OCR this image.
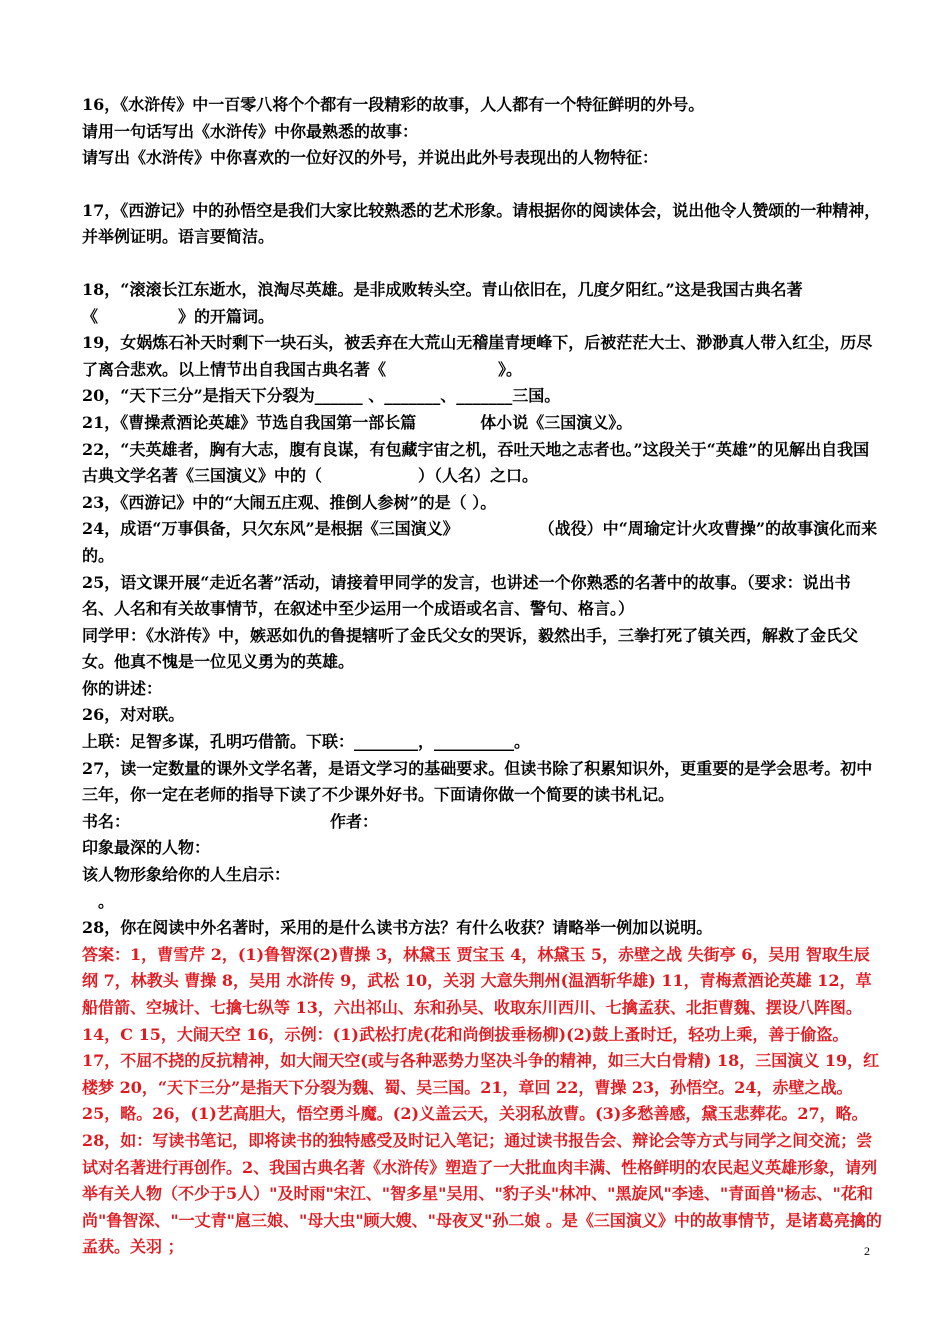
16，《水浒传》中一百零八将个个都有一段精彩的故事，人人都有一个特征鲜明的外号。

请用一句话写出《水浒传》中你最熟悉的故事：

请写出《水浒传》中你喜欢的一位好汉的外号，并说出此外号表现出的人物特征：

17，《西游记》中的孙悟空是我们大家比较熟悉的艺术形象。请根据你的阅读体会，说出他令人赞颂的一种精神，并举例证明。语言要简洁。

18，“滚滚长江东逝水，浪淘尽英雄。是非成败转头空。青山依旧在，几度夕阳红。”这是我国古典名著《　　　　　》的开篇词。

19，女娲炼石补天时剩下一块石头，被丢弃在大荒山无稽崖青埂峰下，后被茫茫大士、渺渺真人带入红尘，历尽了离合悲欢。以上情节出自我国古典名著《　　　　　　　》。

20，“天下三分”是指天下分裂为______ 、_______、_______三国。

21，《曹操煮酒论英雄》节选自我国第一部长篇　　　　体小说《三国演义》。

22，“夫英雄者，胸有大志，腹有良谋，有包藏宇宙之机，吞吐天地之志者也。”这段关于“英雄”的见解出自我国古典文学名著《三国演义》中的（　　　　　　）（人名）之口。

23，《西游记》中的“大闹五庄观、推倒人参树”的是（ ）。

24，成语“万事俱备，只欠东风”是根据《三国演义》　　　　　　（战役）中“周瑜定计火攻曹操”的故事演化而来的。

25，语文课开展“走近名著”活动，请接着甲同学的发言，也讲述一个你熟悉的名著中的故事。（要求：说出书名、人名和有关故事情节，在叙述中至少运用一个成语或名言、警句、格言。）

同学甲：《水浒传》中，嫉恶如仇的鲁提辖听了金氏父女的哭诉，毅然出手，三拳打死了镇关西，解救了金氏父女。他真不愧是一位见义勇为的英雄。

你的讲述：

26，对对联。

上联：足智多谋，孔明巧借箭。下联：________，__________。

27，读一定数量的课外文学名著，是语文学习的基础要求。但读书除了积累知识外，更重要的是学会思考。初中三年，你一定在老师的指导下读了不少课外好书。下面请你做一个简要的读书札记。

书名：　　　　　　　　　　　　　作者：

印象最深的人物：

该人物形象给你的人生启示：

　。

28，你在阅读中外名著时，采用的是什么读书方法？有什么收获？请略举一例加以说明。

答案：1，曹雪芹 2，(1)鲁智深(2)曹操 3，林黛玉 贾宝玉 4，林黛玉 5，赤壁之战 失街亭 6，吴用 智取生辰纲 7，林教头 曹操 8，吴用 水浒传 9，武松 10，关羽 大意失荆州(温酒斩华雄) 11，青梅煮酒论英雄 12，草船借箭、空城计、七擒七纵等 13，六出祁山、东和孙吴、收取东川西川、七擒孟获、北拒曹魏、摆设八阵图。14，C 15，大闹天空 16，示例：(1)武松打虎(花和尚倒拔垂杨柳)(2)鼓上蚤时迁，轻功上乘，善于偷盗。17，不屈不挠的反抗精神，如大闹天空(或与各种恶势力坚决斗争的精神，如三大白骨精) 18，三国演义 19，红楼梦 20，“天下三分”是指天下分裂为魏、蜀、吴三国。21，章回 22，曹操 23，孙悟空。24，赤壁之战。25，略。26，(1)艺高胆大，悟空勇斗魔。(2)义盖云天，关羽私放曹。(3)多愁善感，黛玉悲葬花。27，略。28，如：写读书笔记，即将读书的独特感受及时记入笔记；通过读书报告会、辩论会等方式与同学之间交流；尝试对名著进行再创作。2、我国古典名著《水浒传》塑造了一大批血肉丰满、性格鲜明的农民起义英雄形象，请列举有关人物（不少于5人）"及时雨"宋江、"智多星"吴用、"豹子头"林冲、"黑旋风"李逵、"青面兽"杨志、"花和尚"鲁智深、"一丈青"扈三娘、"母大虫"顾大嫂、"母夜叉"孙二娘 。是《三国演义》中的故事情节，是诸葛亮擒的孟获。关羽 ；	2
